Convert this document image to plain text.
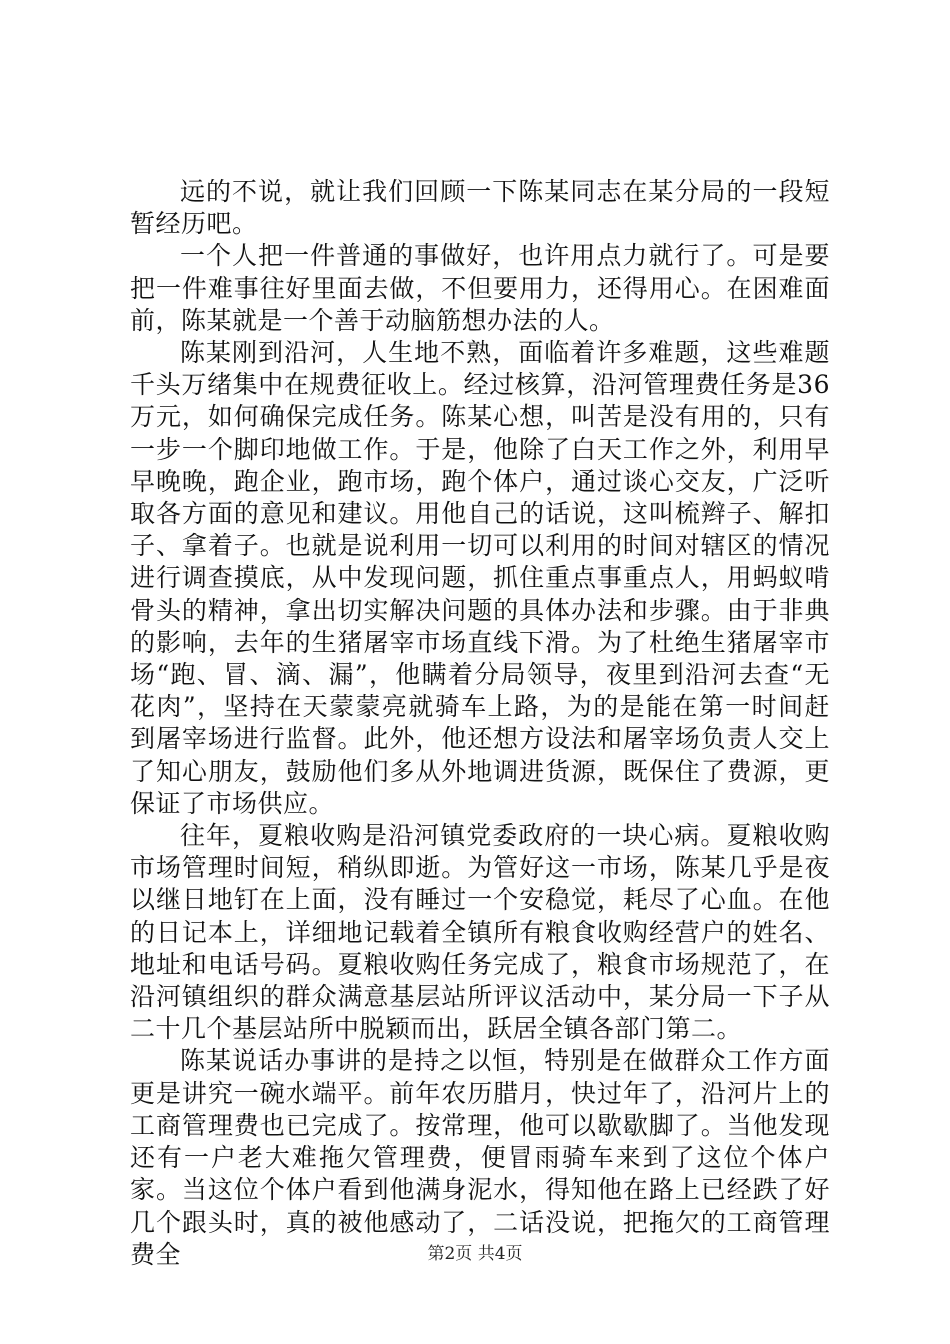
远的不说，就让我们回顾一下陈某同志在某分局的一段短暂经历吧。

一个人把一件普通的事做好，也许用点力就行了。可是要把一件难事往好里面去做，不但要用力，还得用心。在困难面前，陈某就是一个善于动脑筋想办法的人。

陈某刚到沿河，人生地不熟，面临着许多难题，这些难题千头万绪集中在规费征收上。经过核算，沿河管理费任务是36万元，如何确保完成任务。陈某心想，叫苦是没有用的，只有一步一个脚印地做工作。于是，他除了白天工作之外，利用早早晚晚，跑企业，跑市场，跑个体户，通过谈心交友，广泛听取各方面的意见和建议。用他自己的话说，这叫梳辫子、解扣子、拿着子。也就是说利用一切可以利用的时间对辖区的情况进行调查摸底，从中发现问题，抓住重点事重点人，用蚂蚁啃骨头的精神，拿出切实解决问题的具体办法和步骤。由于非典的影响，去年的生猪屠宰市场直线下滑。为了杜绝生猪屠宰市场“跑、冒、滴、漏”，他瞒着分局领导，夜里到沿河去查“无花肉”，坚持在天蒙蒙亮就骑车上路，为的是能在第一时间赶到屠宰场进行监督。此外，他还想方设法和屠宰场负责人交上了知心朋友，鼓励他们多从外地调进货源，既保住了费源，更保证了市场供应。

往年，夏粮收购是沿河镇党委政府的一块心病。夏粮收购市场管理时间短，稍纵即逝。为管好这一市场，陈某几乎是夜以继日地钉在上面，没有睡过一个安稳觉，耗尽了心血。在他的日记本上，详细地记载着全镇所有粮食收购经营户的姓名、地址和电话号码。夏粮收购任务完成了，粮食市场规范了，在沿河镇组织的群众满意基层站所评议活动中，某分局一下子从二十几个基层站所中脱颖而出，跃居全镇各部门第二。

陈某说话办事讲的是持之以恒，特别是在做群众工作方面更是讲究一碗水端平。前年农历腊月，快过年了，沿河片上的工商管理费也已完成了。按常理，他可以歇歇脚了。当他发现还有一户老大难拖欠管理费，便冒雨骑车来到了这位个体户家。当这位个体户看到他满身泥水，得知他在路上已经跌了好几个跟头时，真的被他感动了，二话没说，把拖欠的工商管理费全	第2页 共4页
